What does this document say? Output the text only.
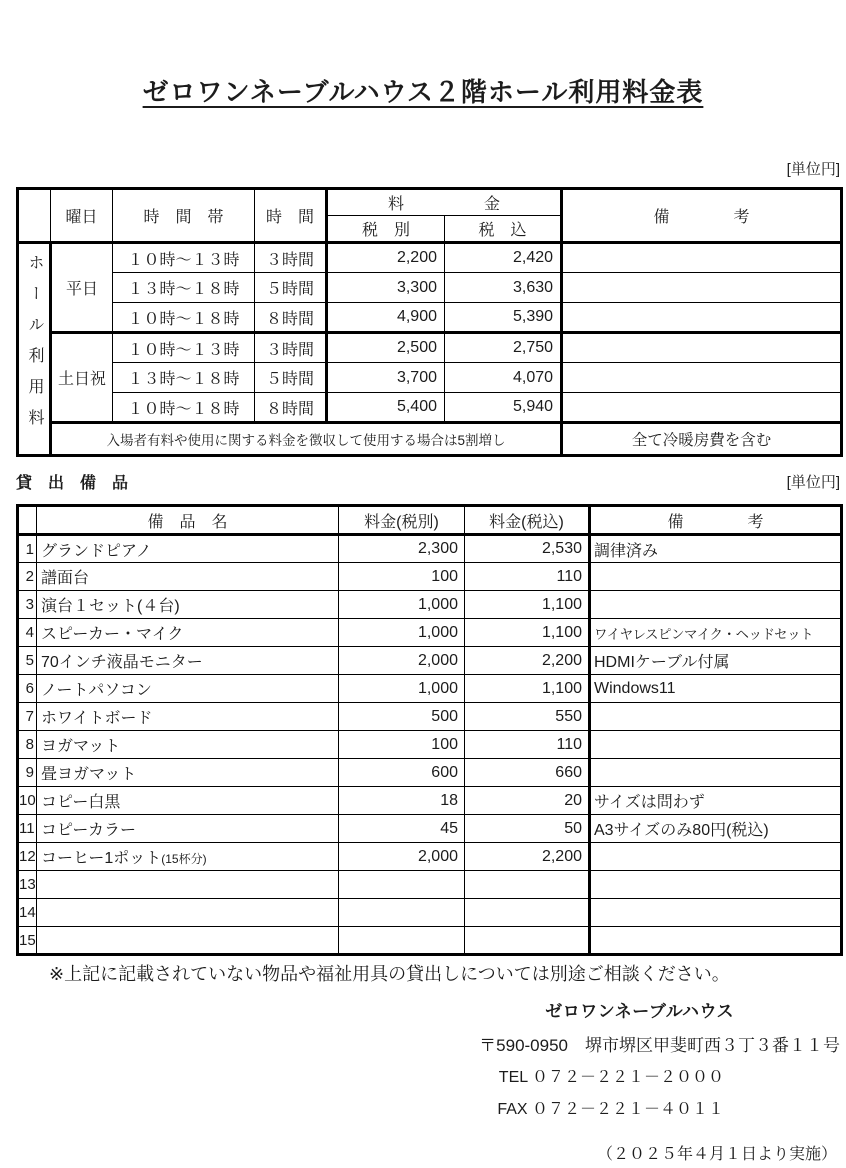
ゼロワンネーブルハウス２階ホール利用料金表
[単位円]
	曜日	時　間　帯	時　間	料　　　　　金		備　　　　考
				税　別	税　込	
ホール利用料	平日	１０時～１３時	３時間	2,200	2,420	
		１３時～１８時	５時間	3,300	3,630	
		１０時～１８時	８時間	4,900	5,390	
	土日祝	１０時～１３時	３時間	2,500	2,750	
		１３時～１８時	５時間	3,700	4,070	
		１０時～１８時	８時間	5,400	5,940	
	入場者有料や使用に関する料金を徴収して使用する場合は5割増し					全て冷暖房費を含む
貸　出　備　品	[単位円]
	備　品　名	料金(税別)	料金(税込)	備　　　　考
1	グランドピアノ	2,300	2,530	調律済み
2	譜面台	100	110	
3	演台１セット(４台)	1,000	1,100	
4	スピーカー・マイク	1,000	1,100	ワイヤレスピンマイク・ヘッドセット
5	70インチ液晶モニター	2,000	2,200	HDMIケーブル付属
6	ノートパソコン	1,000	1,100	Windows11
7	ホワイトボード	500	550	
8	ヨガマット	100	110	
9	畳ヨガマット	600	660	
10	コピー白黒	18	20	サイズは問わず
11	コピーカラー	45	50	A3サイズのみ80円(税込)
12	コーヒー1ポット(15杯分)	2,000	2,200	
13				
14				
15				
※上記に記載されていない物品や福祉用具の貸出しについては別途ご相談ください。
ゼロワンネーブルハウス
〒590-0950　堺市堺区甲斐町西３丁３番１１号
TEL ０７２－２２１－２０００
FAX ０７２－２２１－４０１１
（２０２５年４月１日より実施）
